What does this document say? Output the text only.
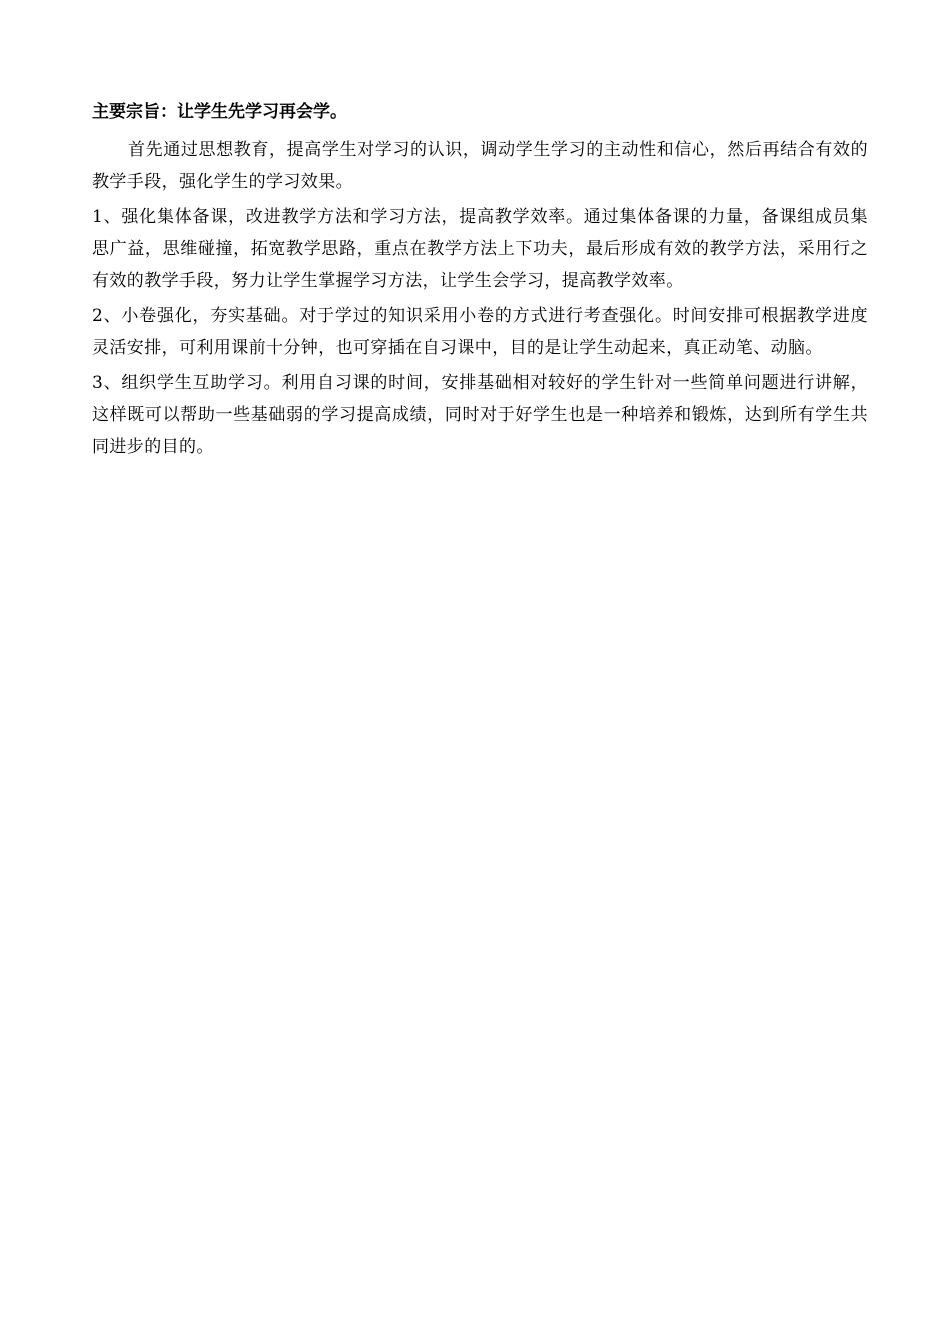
主要宗旨：让学生先学习再会学。

首先通过思想教育，提高学生对学习的认识，调动学生学习的主动性和信心，然后再结合有效的教学手段，强化学生的学习效果。

1、强化集体备课，改进教学方法和学习方法，提高教学效率。通过集体备课的力量，备课组成员集思广益，思维碰撞，拓宽教学思路，重点在教学方法上下功夫，最后形成有效的教学方法，采用行之有效的教学手段，努力让学生掌握学习方法，让学生会学习，提高教学效率。

2、小卷强化，夯实基础。对于学过的知识采用小卷的方式进行考查强化。时间安排可根据教学进度灵活安排，可利用课前十分钟，也可穿插在自习课中，目的是让学生动起来，真正动笔、动脑。

3、组织学生互助学习。利用自习课的时间，安排基础相对较好的学生针对一些简单问题进行讲解，这样既可以帮助一些基础弱的学习提高成绩，同时对于好学生也是一种培养和锻炼，达到所有学生共同进步的目的。
